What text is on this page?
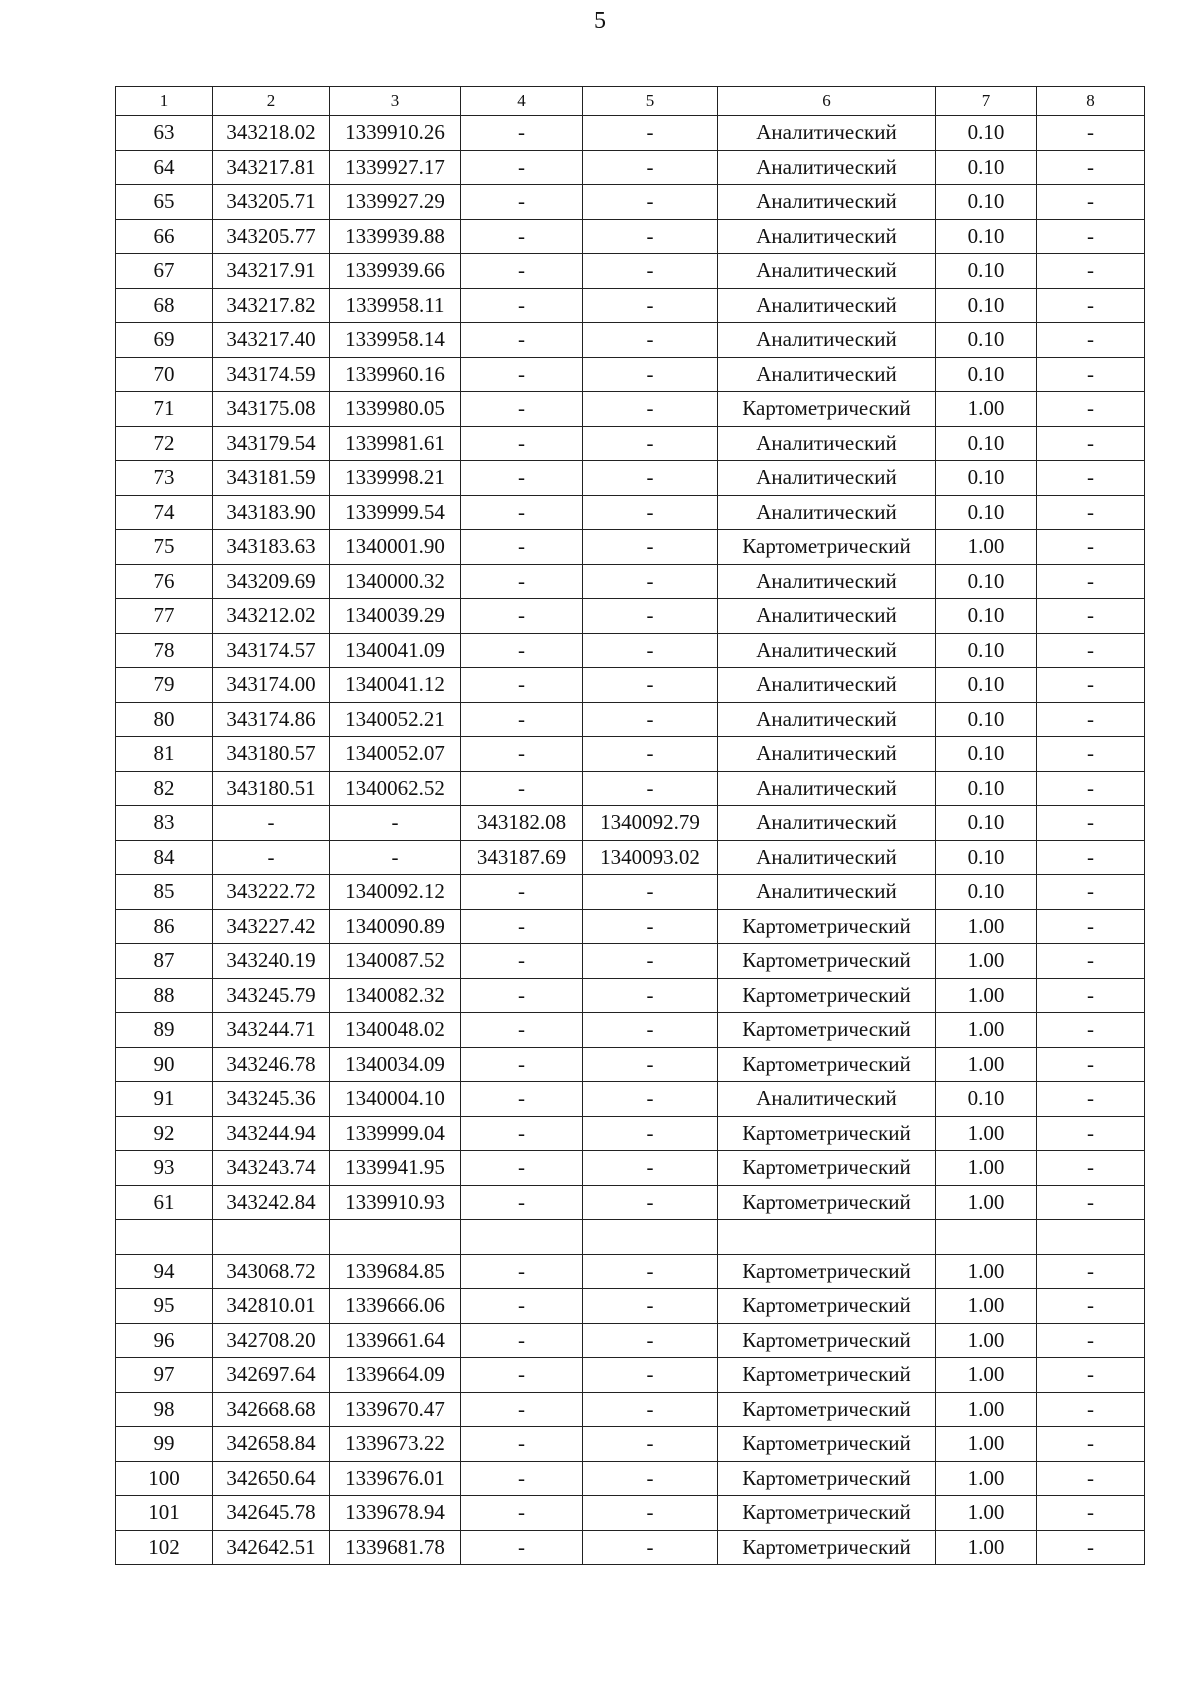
5
1	2	3	4	5	6	7	8
63	343218.02	1339910.26	-	-	Аналитический	0.10	-
64	343217.81	1339927.17	-	-	Аналитический	0.10	-
65	343205.71	1339927.29	-	-	Аналитический	0.10	-
66	343205.77	1339939.88	-	-	Аналитический	0.10	-
67	343217.91	1339939.66	-	-	Аналитический	0.10	-
68	343217.82	1339958.11	-	-	Аналитический	0.10	-
69	343217.40	1339958.14	-	-	Аналитический	0.10	-
70	343174.59	1339960.16	-	-	Аналитический	0.10	-
71	343175.08	1339980.05	-	-	Картометрический	1.00	-
72	343179.54	1339981.61	-	-	Аналитический	0.10	-
73	343181.59	1339998.21	-	-	Аналитический	0.10	-
74	343183.90	1339999.54	-	-	Аналитический	0.10	-
75	343183.63	1340001.90	-	-	Картометрический	1.00	-
76	343209.69	1340000.32	-	-	Аналитический	0.10	-
77	343212.02	1340039.29	-	-	Аналитический	0.10	-
78	343174.57	1340041.09	-	-	Аналитический	0.10	-
79	343174.00	1340041.12	-	-	Аналитический	0.10	-
80	343174.86	1340052.21	-	-	Аналитический	0.10	-
81	343180.57	1340052.07	-	-	Аналитический	0.10	-
82	343180.51	1340062.52	-	-	Аналитический	0.10	-
83	-	-	343182.08	1340092.79	Аналитический	0.10	-
84	-	-	343187.69	1340093.02	Аналитический	0.10	-
85	343222.72	1340092.12	-	-	Аналитический	0.10	-
86	343227.42	1340090.89	-	-	Картометрический	1.00	-
87	343240.19	1340087.52	-	-	Картометрический	1.00	-
88	343245.79	1340082.32	-	-	Картометрический	1.00	-
89	343244.71	1340048.02	-	-	Картометрический	1.00	-
90	343246.78	1340034.09	-	-	Картометрический	1.00	-
91	343245.36	1340004.10	-	-	Аналитический	0.10	-
92	343244.94	1339999.04	-	-	Картометрический	1.00	-
93	343243.74	1339941.95	-	-	Картометрический	1.00	-
61	343242.84	1339910.93	-	-	Картометрический	1.00	-

94	343068.72	1339684.85	-	-	Картометрический	1.00	-
95	342810.01	1339666.06	-	-	Картометрический	1.00	-
96	342708.20	1339661.64	-	-	Картометрический	1.00	-
97	342697.64	1339664.09	-	-	Картометрический	1.00	-
98	342668.68	1339670.47	-	-	Картометрический	1.00	-
99	342658.84	1339673.22	-	-	Картометрический	1.00	-
100	342650.64	1339676.01	-	-	Картометрический	1.00	-
101	342645.78	1339678.94	-	-	Картометрический	1.00	-
102	342642.51	1339681.78	-	-	Картометрический	1.00	-
